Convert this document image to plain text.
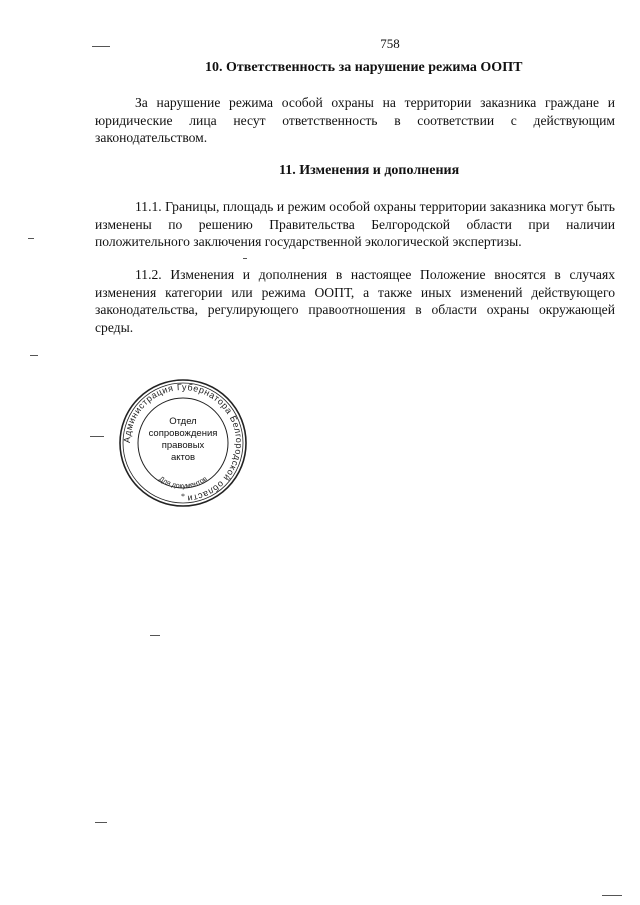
758
10. Ответственность за нарушение режима ООПТ

За нарушение режима особой охраны на территории заказника граждане и юридические лица несут ответственность в соответствии с действующим законодательством.

11. Изменения и дополнения

11.1. Границы, площадь и режим особой охраны территории заказника могут быть изменены по решению Правительства Белгородской области при наличии положительного заключения государственной экологической экспертизы.

11.2. Изменения и дополнения в настоящее Положение вносятся в случаях изменения категории или режима ООПТ, а также иных изменений действующего законодательства, регулирующего правоотношения в области охраны окружающей среды.

Администрация Губернатора Белгородской области
Для документов
Отдел
сопровождения
правовых
актов
*
